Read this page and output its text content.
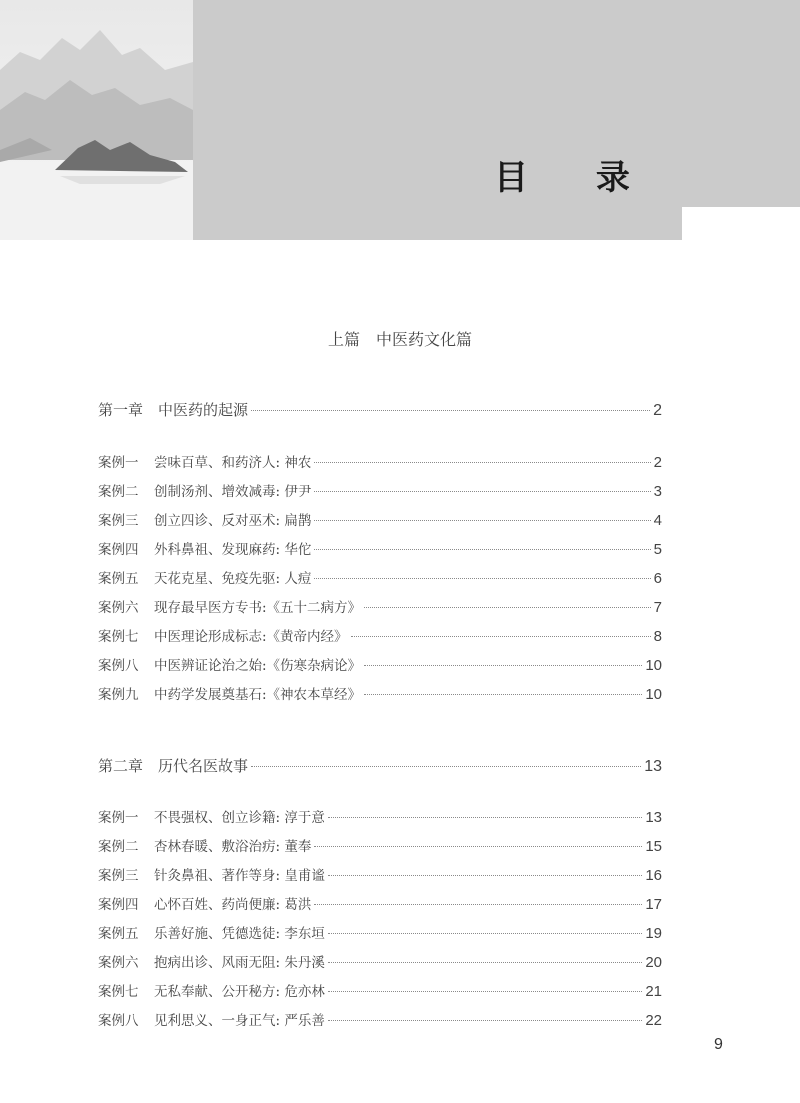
目 录
上篇　中医药文化篇
第一章　中医药的起源	2
案例一 尝味百草、和药济人: 神农	2
案例二 创制汤剂、增效减毒: 伊尹	3
案例三 创立四诊、反对巫术: 扁鹊	4
案例四 外科鼻祖、发现麻药: 华佗	5
案例五 天花克星、免疫先驱: 人痘	6
案例六 现存最早医方专书:《五十二病方》	7
案例七 中医理论形成标志:《黄帝内经》	8
案例八 中医辨证论治之始:《伤寒杂病论》	10
案例九 中药学发展奠基石:《神农本草经》	10
第二章　历代名医故事	13
案例一 不畏强权、创立诊籍: 淳于意	13
案例二 杏林春暖、敷浴治疠: 董奉	15
案例三 针灸鼻祖、著作等身: 皇甫谧	16
案例四 心怀百姓、药尚便廉: 葛洪	17
案例五 乐善好施、凭德选徒: 李东垣	19
案例六 抱病出诊、风雨无阻: 朱丹溪	20
案例七 无私奉献、公开秘方: 危亦林	21
案例八 见利思义、一身正气: 严乐善	22
9
